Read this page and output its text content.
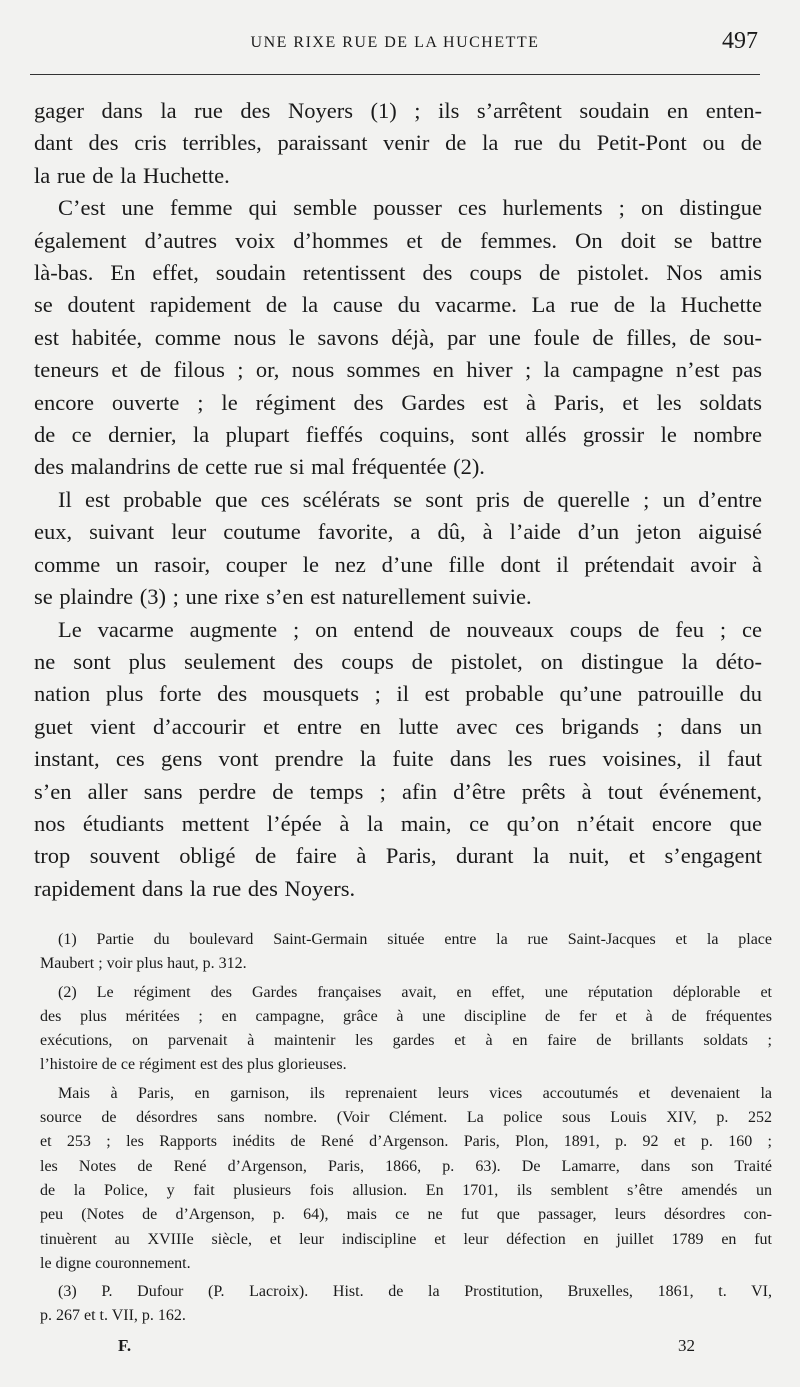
UNE RIXE RUE DE LA HUCHETTE	497

gager dans la rue des Noyers (1) ; ils s’arrêtent soudain en enten-
dant des cris terribles, paraissant venir de la rue du Petit-Pont ou de
la rue de la Huchette.

C’est une femme qui semble pousser ces hurlements ; on distingue
également d’autres voix d’hommes et de femmes. On doit se battre
là-bas. En effet, soudain retentissent des coups de pistolet. Nos amis
se doutent rapidement de la cause du vacarme. La rue de la Huchette
est habitée, comme nous le savons déjà, par une foule de filles, de sou-
teneurs et de filous ; or, nous sommes en hiver ; la campagne n’est pas
encore ouverte ; le régiment des Gardes est à Paris, et les soldats
de ce dernier, la plupart fieffés coquins, sont allés grossir le nombre
des malandrins de cette rue si mal fréquentée (2).

Il est probable que ces scélérats se sont pris de querelle ; un d’entre
eux, suivant leur coutume favorite, a dû, à l’aide d’un jeton aiguisé
comme un rasoir, couper le nez d’une fille dont il prétendait avoir à
se plaindre (3) ; une rixe s’en est naturellement suivie.

Le vacarme augmente ; on entend de nouveaux coups de feu ; ce
ne sont plus seulement des coups de pistolet, on distingue la déto-
nation plus forte des mousquets ; il est probable qu’une patrouille du
guet vient d’accourir et entre en lutte avec ces brigands ; dans un
instant, ces gens vont prendre la fuite dans les rues voisines, il faut
s’en aller sans perdre de temps ; afin d’être prêts à tout événement,
nos étudiants mettent l’épée à la main, ce qu’on n’était encore que
trop souvent obligé de faire à Paris, durant la nuit, et s’engagent
rapidement dans la rue des Noyers.

(1) Partie du boulevard Saint-Germain située entre la rue Saint-Jacques et la place
Maubert ; voir plus haut, p. 312.

(2) Le régiment des Gardes françaises avait, en effet, une réputation déplorable et
des plus méritées ; en campagne, grâce à une discipline de fer et à de fréquentes
exécutions, on parvenait à maintenir les gardes et à en faire de brillants soldats ;
l’histoire de ce régiment est des plus glorieuses.

Mais à Paris, en garnison, ils reprenaient leurs vices accoutumés et devenaient la
source de désordres sans nombre. (Voir Clément. La police sous Louis XIV, p. 252
et 253 ; les Rapports inédits de René d’Argenson. Paris, Plon, 1891, p. 92 et p. 160 ;
les Notes de René d’Argenson, Paris, 1866, p. 63). De Lamarre, dans son Traité
de la Police, y fait plusieurs fois allusion. En 1701, ils semblent s’être amendés un
peu (Notes de d’Argenson, p. 64), mais ce ne fut que passager, leurs désordres con-
tinuèrent au XVIIIe siècle, et leur indiscipline et leur défection en juillet 1789 en fut
le digne couronnement.

(3) P. Dufour (P. Lacroix). Hist. de la Prostitution, Bruxelles, 1861, t. VI,
p. 267 et t. VII, p. 162.

F.	32
